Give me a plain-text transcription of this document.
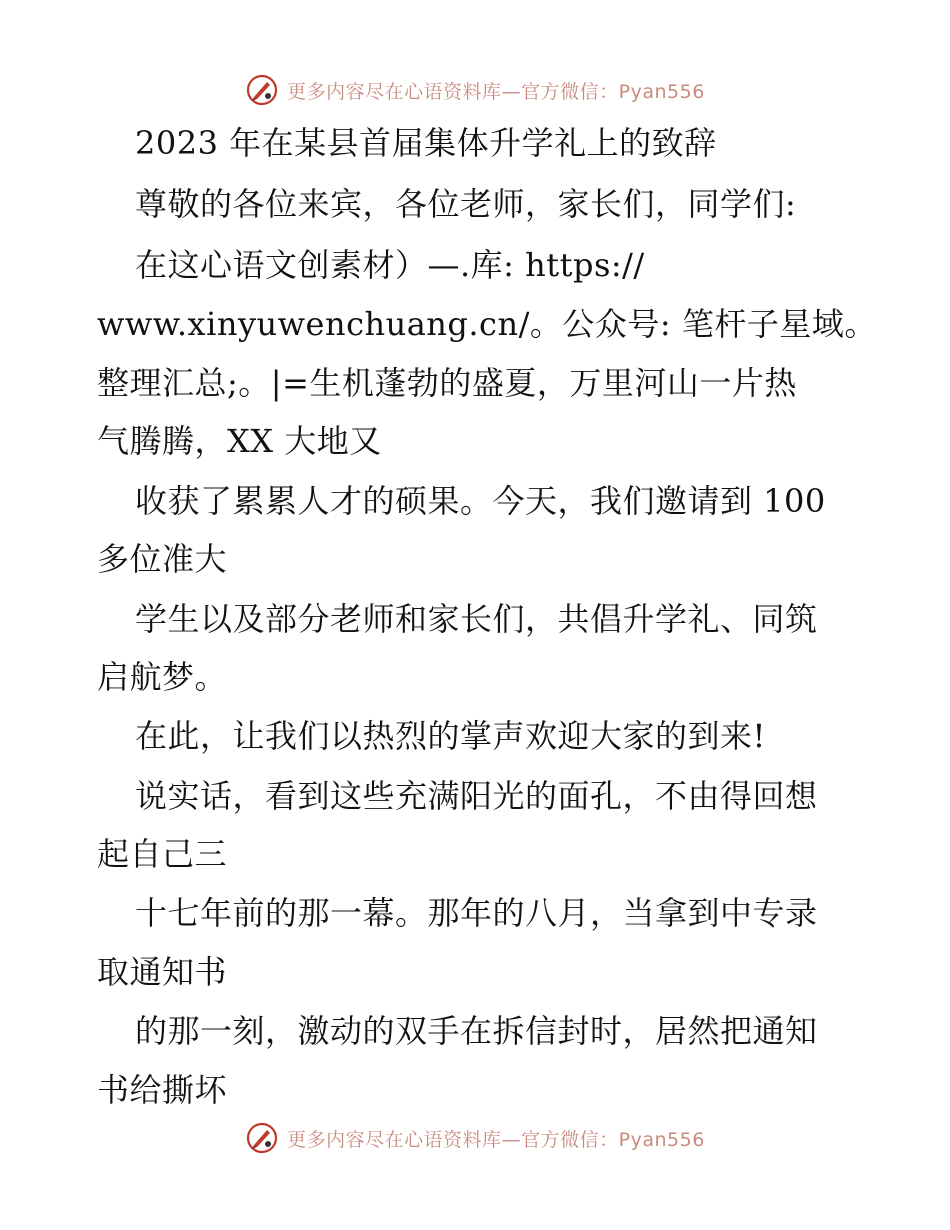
更多内容尽在心语资料库—官方微信：Pyan556
2023 年在某县首届集体升学礼上的致辞
尊敬的各位来宾，各位老师，家长们，同学们:
在这心语文创素材）—.库: https://
www.xinyuwenchuang.cn/。公众号: 笔杆子星域。
整理汇总;。|=生机蓬勃的盛夏，万里河山一片热
气腾腾，XX 大地又
收获了累累人才的硕果。今天，我们邀请到 100
多位准大
学生以及部分老师和家长们，共倡升学礼、同筑
启航梦。
在此，让我们以热烈的掌声欢迎大家的到来!
说实话，看到这些充满阳光的面孔，不由得回想
起自己三
十七年前的那一幕。那年的八月，当拿到中专录
取通知书
的那一刻，激动的双手在拆信封时，居然把通知
书给撕坏
更多内容尽在心语资料库—官方微信：Pyan556
